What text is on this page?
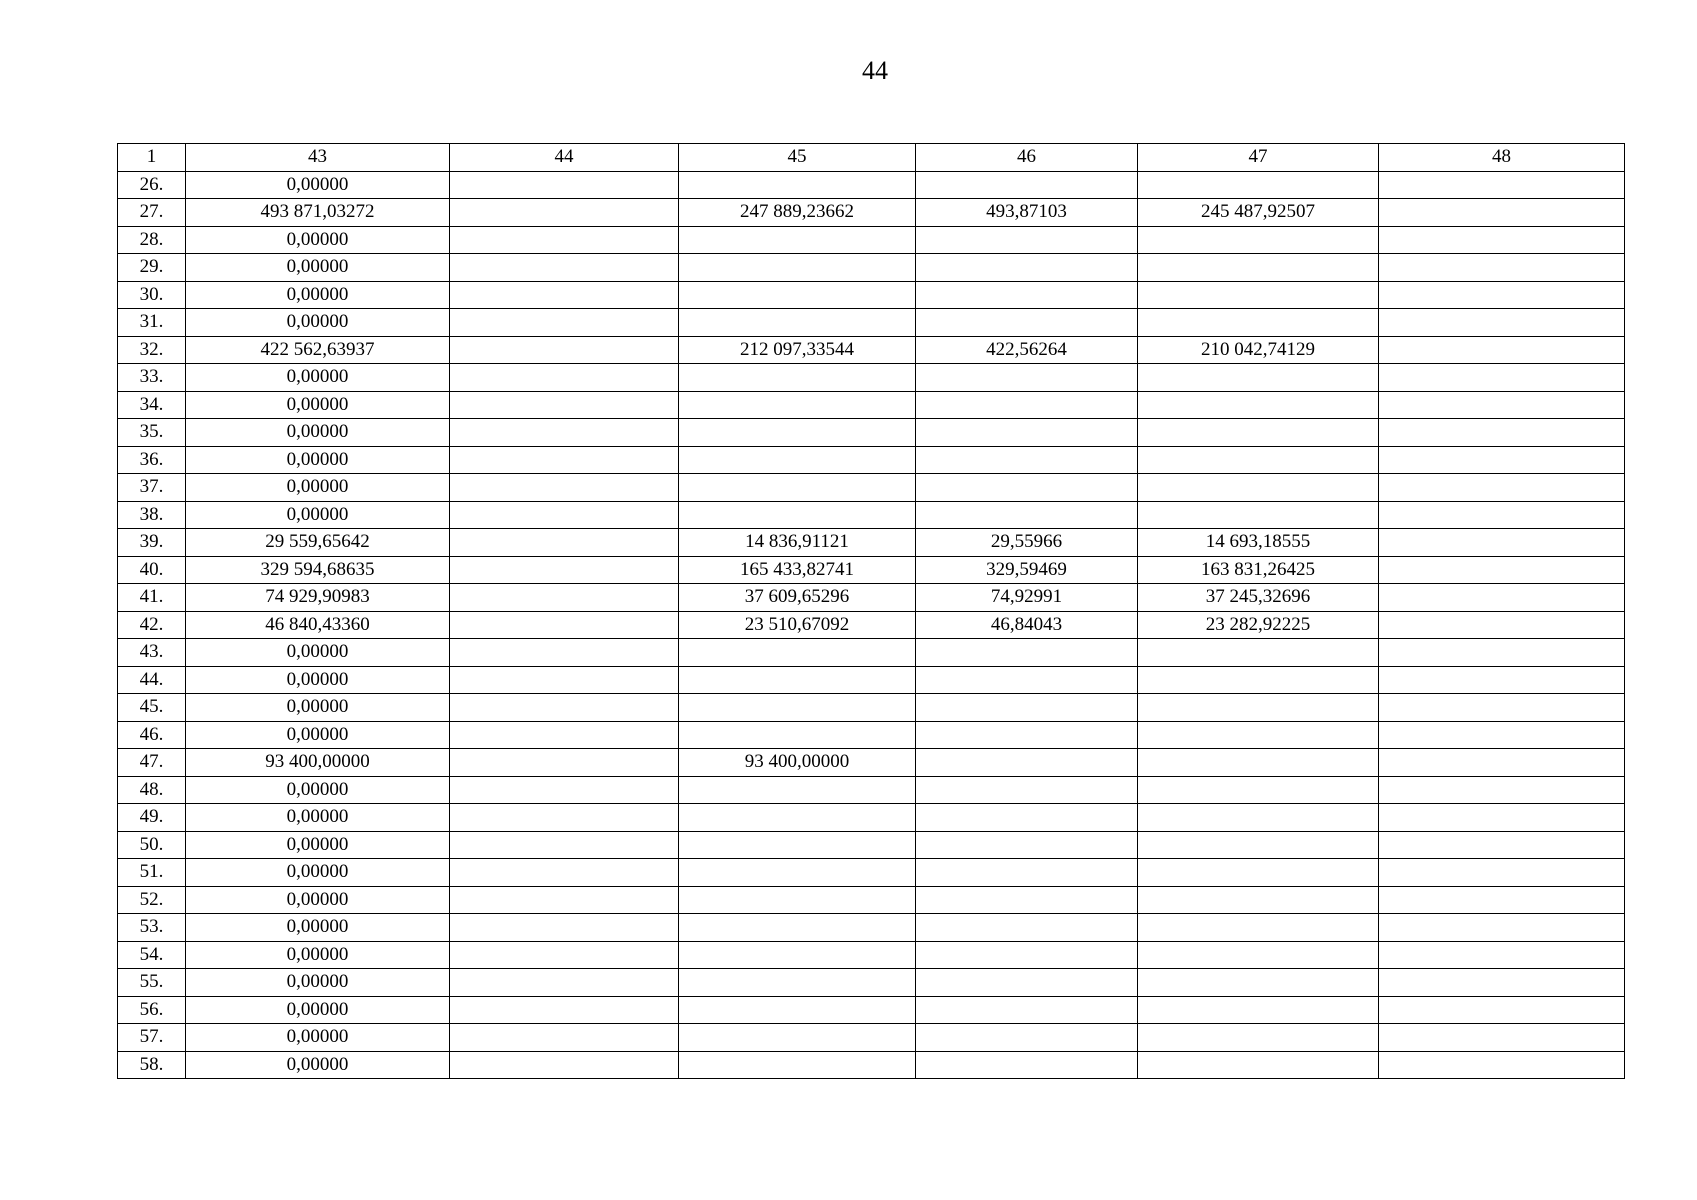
44
1	43	44	45	46	47	48
26.	0,00000					
27.	493 871,03272		247 889,23662	493,87103	245 487,92507	
28.	0,00000					
29.	0,00000					
30.	0,00000					
31.	0,00000					
32.	422 562,63937		212 097,33544	422,56264	210 042,74129	
33.	0,00000					
34.	0,00000					
35.	0,00000					
36.	0,00000					
37.	0,00000					
38.	0,00000					
39.	29 559,65642		14 836,91121	29,55966	14 693,18555	
40.	329 594,68635		165 433,82741	329,59469	163 831,26425	
41.	74 929,90983		37 609,65296	74,92991	37 245,32696	
42.	46 840,43360		23 510,67092	46,84043	23 282,92225	
43.	0,00000					
44.	0,00000					
45.	0,00000					
46.	0,00000					
47.	93 400,00000		93 400,00000			
48.	0,00000					
49.	0,00000					
50.	0,00000					
51.	0,00000					
52.	0,00000					
53.	0,00000					
54.	0,00000					
55.	0,00000					
56.	0,00000					
57.	0,00000					
58.	0,00000					
